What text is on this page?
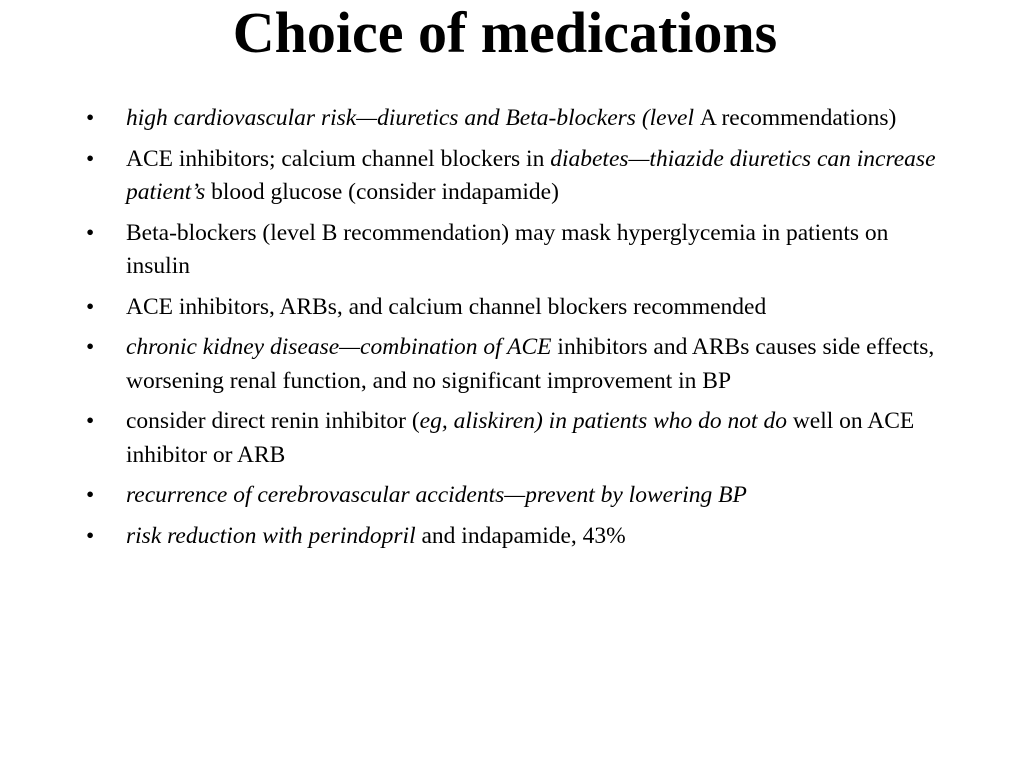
Choice of medications
•	high cardiovascular risk—diuretics and Beta-blockers (level A recommendations)
•	ACE inhibitors; calcium channel blockers in diabetes—thiazide diuretics can increase patient’s blood glucose (consider indapamide)
•	Beta-blockers (level B recommendation) may mask hyperglycemia in patients on insulin
•	ACE inhibitors, ARBs, and calcium channel blockers recommended
•	chronic kidney disease—combination of ACE inhibitors and ARBs causes side effects, worsening renal function, and no significant improvement in BP
•	consider direct renin inhibitor (eg, aliskiren) in patients who do not do well on ACE inhibitor or ARB
•	recurrence of cerebrovascular accidents—prevent by lowering BP
•	risk reduction with perindopril and indapamide, 43%
